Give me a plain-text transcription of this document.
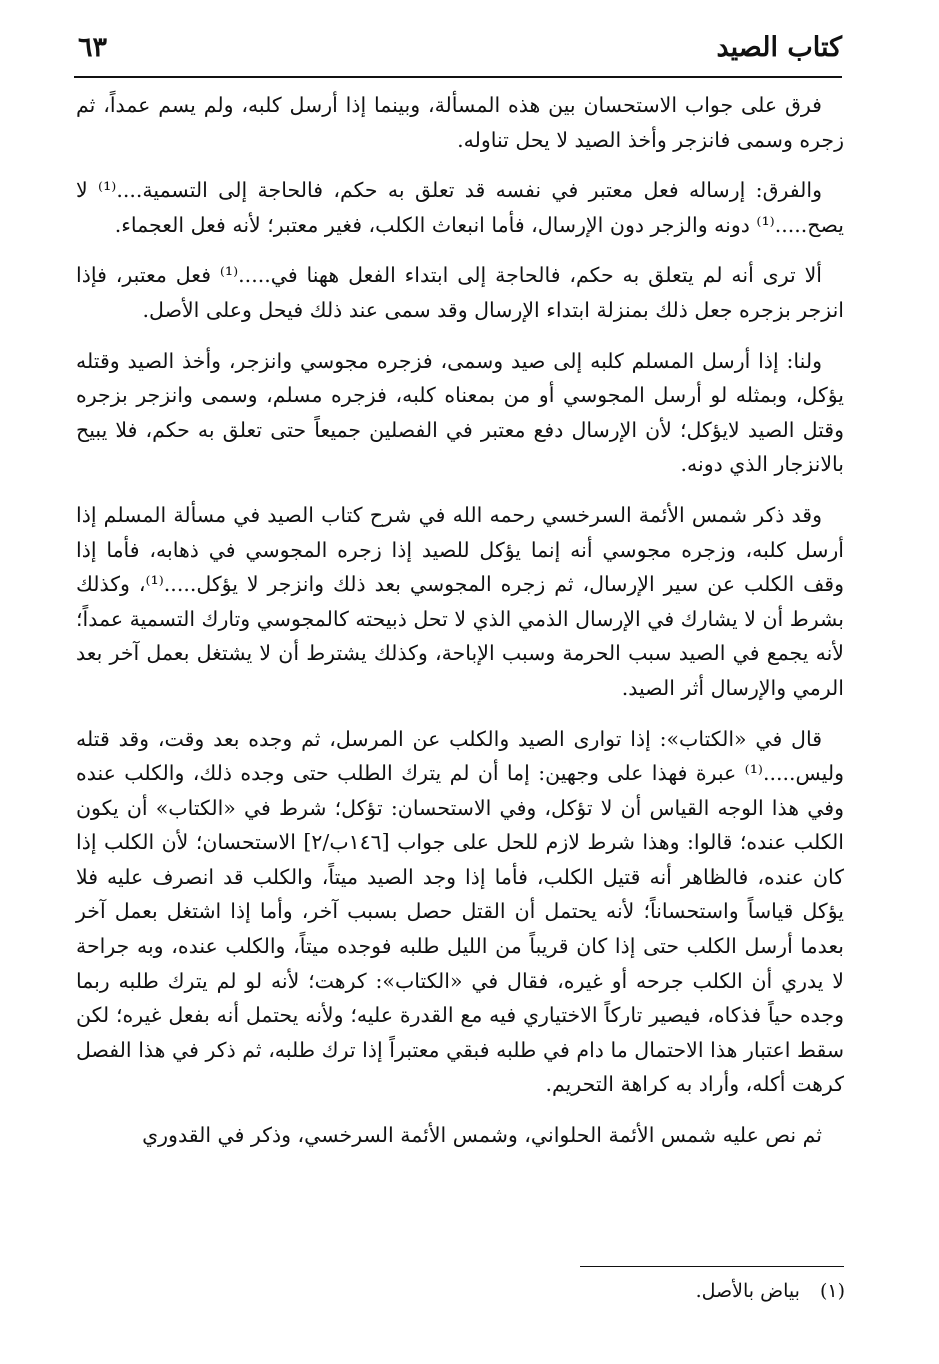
كتاب الصيد
٦٣

فرق على جواب الاستحسان بين هذه المسألة، وبينما إذا أرسل كلبه، ولم يسم عمداً، ثم زجره وسمى فانزجر وأخذ الصيد لا يحل تناوله.

والفرق: إرساله فعل معتبر في نفسه قد تعلق به حكم، فالحاجة إلى التسمية....⁽¹⁾ لا يصح.....⁽¹⁾ دونه والزجر دون الإرسال، فأما انبعاث الكلب، فغير معتبر؛ لأنه فعل العجماء.

ألا ترى أنه لم يتعلق به حكم، فالحاجة إلى ابتداء الفعل ههنا في.....⁽¹⁾ فعل معتبر، فإذا انزجر بزجره جعل ذلك بمنزلة ابتداء الإرسال وقد سمى عند ذلك فيحل وعلى الأصل.

ولنا: إذا أرسل المسلم كلبه إلى صيد وسمى، فزجره مجوسي وانزجر، وأخذ الصيد وقتله يؤكل، وبمثله لو أرسل المجوسي أو من بمعناه كلبه، فزجره مسلم، وسمى وانزجر بزجره وقتل الصيد لايؤكل؛ لأن الإرسال دفع معتبر في الفصلين جميعاً حتى تعلق به حكم، فلا يبيح بالانزجار الذي دونه.

وقد ذكر شمس الأئمة السرخسي رحمه الله في شرح كتاب الصيد في مسألة المسلم إذا أرسل كلبه، وزجره مجوسي أنه إنما يؤكل للصيد إذا زجره المجوسي في ذهابه، فأما إذا وقف الكلب عن سير الإرسال، ثم زجره المجوسي بعد ذلك وانزجر لا يؤكل.....⁽¹⁾، وكذلك بشرط أن لا يشارك في الإرسال الذمي الذي لا تحل ذبيحته كالمجوسي وتارك التسمية عمداً؛ لأنه يجمع في الصيد سبب الحرمة وسبب الإباحة، وكذلك يشترط أن لا يشتغل بعمل آخر بعد الرمي والإرسال أثر الصيد.

قال في «الكتاب»: إذا توارى الصيد والكلب عن المرسل، ثم وجده بعد وقت، وقد قتله وليس.....⁽¹⁾ عبرة فهذا على وجهين: إما أن لم يترك الطلب حتى وجده ذلك، والكلب عنده وفي هذا الوجه القياس أن لا تؤكل، وفي الاستحسان: تؤكل؛ شرط في «الكتاب» أن يكون الكلب عنده؛ قالوا: وهذا شرط لازم للحل على جواب [١٤٦ب/٢] الاستحسان؛ لأن الكلب إذا كان عنده، فالظاهر أنه قتيل الكلب، فأما إذا وجد الصيد ميتاً، والكلب قد انصرف عليه فلا يؤكل قياساً واستحساناً؛ لأنه يحتمل أن القتل حصل بسبب آخر، وأما إذا اشتغل بعمل آخر بعدما أرسل الكلب حتى إذا كان قريباً من الليل طلبه فوجده ميتاً، والكلب عنده، وبه جراحة لا يدري أن الكلب جرحه أو غيره، فقال في «الكتاب»: كرهت؛ لأنه لو لم يترك طلبه ربما وجده حياً فذكاه، فيصير تاركاً الاختياري فيه مع القدرة عليه؛ ولأنه يحتمل أنه بفعل غيره؛ لكن سقط اعتبار هذا الاحتمال ما دام في طلبه فبقي معتبراً إذا ترك طلبه، ثم ذكر في هذا الفصل كرهت أكله، وأراد به كراهة التحريم.

ثم نص عليه شمس الأئمة الحلواني، وشمس الأئمة السرخسي، وذكر في القدوري

(١) بياض بالأصل.
